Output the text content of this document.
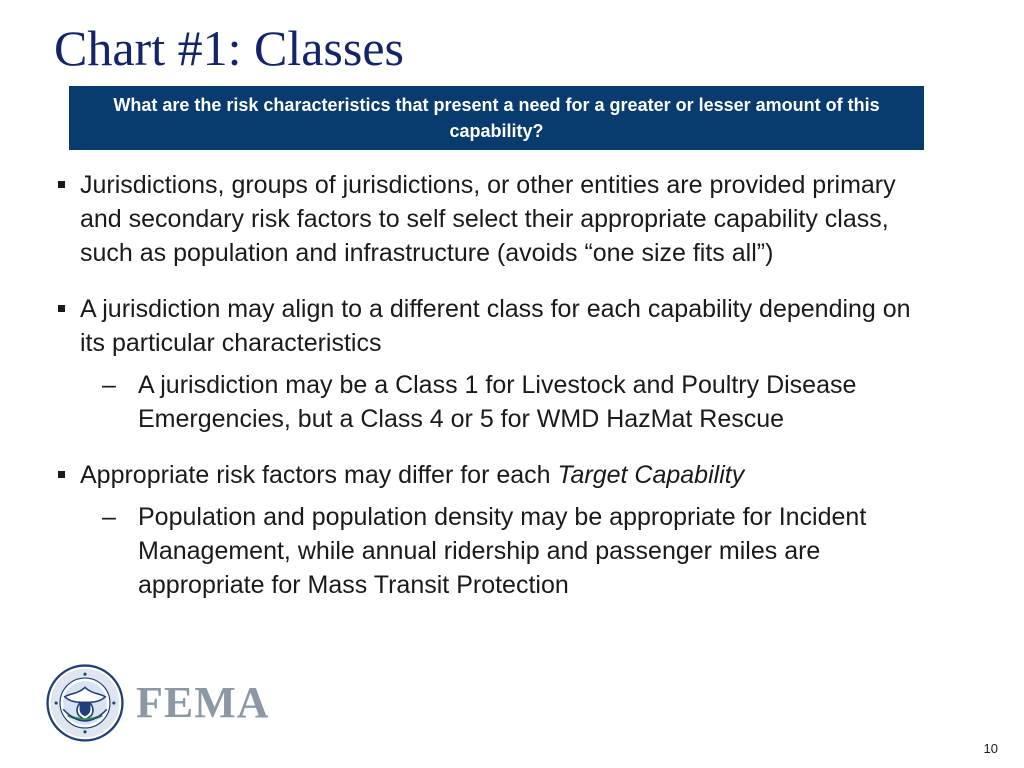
Chart #1: Classes
What are the risk characteristics that present a need for a greater or lesser amount of this capability?
Jurisdictions, groups of jurisdictions, or other entities are provided primary and secondary risk factors to self select their appropriate capability class, such as population and infrastructure (avoids “one size fits all”)
A jurisdiction may align to a different class for each capability depending on its particular characteristics
– A jurisdiction may be a Class 1 for Livestock and Poultry Disease Emergencies, but a Class 4 or 5 for WMD HazMat Rescue
Appropriate risk factors may differ for each Target Capability
– Population and population density may be appropriate for Incident Management, while annual ridership and passenger miles are appropriate for Mass Transit Protection
FEMA
10
